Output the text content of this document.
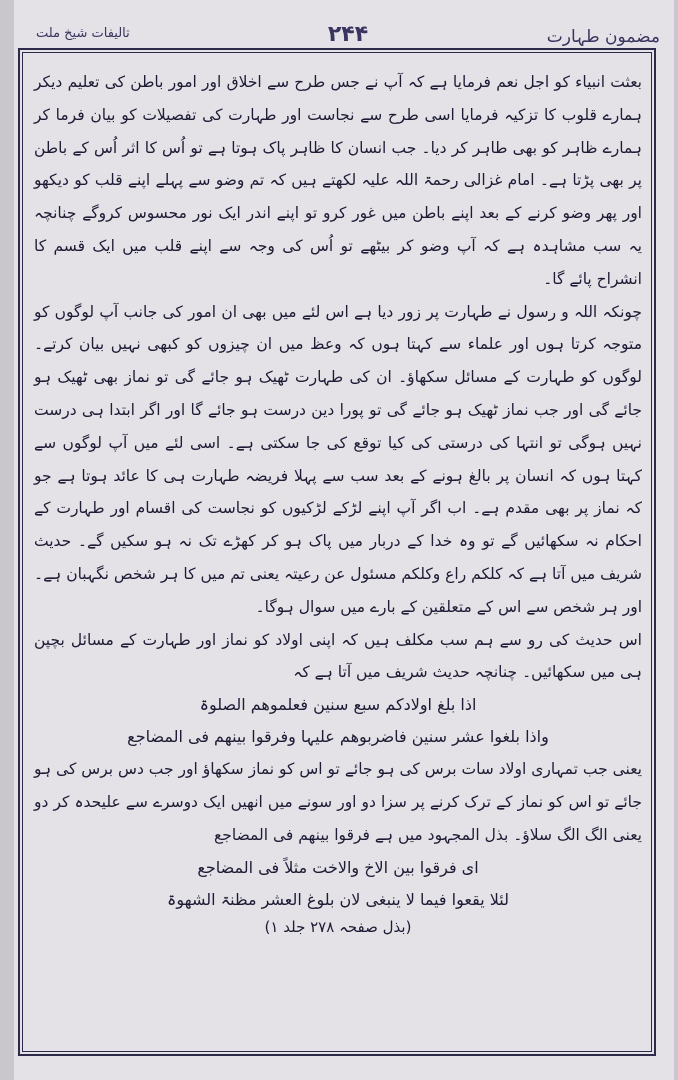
مضمون طہارت
۲۴۴
تالیفات شیخ ملت

بعثت انبیاء کو اجل نعم فرمایا ہے کہ آپ نے جس طرح سے اخلاق اور امور باطن کی تعلیم دیکر ہمارے قلوب کا تزکیہ فرمایا اسی طرح سے نجاست اور طہارت کی تفصیلات کو بیان فرما کر ہمارے ظاہر کو بھی طاہر کر دیا۔ جب انسان کا ظاہر پاک ہوتا ہے تو اُس کا اثر اُس کے باطن پر بھی پڑتا ہے۔ امام غزالی رحمۃ اللہ علیہ لکھتے ہیں کہ تم وضو سے پہلے اپنے قلب کو دیکھو اور پھر وضو کرنے کے بعد اپنے باطن میں غور کرو تو اپنے اندر ایک نور محسوس کروگے چنانچہ یہ سب مشاہدہ ہے کہ آپ وضو کر بیٹھے تو اُس کی وجہ سے اپنے قلب میں ایک قسم کا انشراح پائے گا۔

چونکہ اللہ و رسول نے طہارت پر زور دیا ہے اس لئے میں بھی ان امور کی جانب آپ لوگوں کو متوجہ کرتا ہوں اور علماء سے کہتا ہوں کہ وعظ میں ان چیزوں کو کبھی نہیں بیان کرتے۔ لوگوں کو طہارت کے مسائل سکھاؤ۔ ان کی طہارت ٹھیک ہو جائے گی تو نماز بھی ٹھیک ہو جائے گی اور جب نماز ٹھیک ہو جائے گی تو پورا دین درست ہو جائے گا اور اگر ابتدا ہی درست نہیں ہوگی تو انتہا کی درستی کی کیا توقع کی جا سکتی ہے۔ اسی لئے میں آپ لوگوں سے کہتا ہوں کہ انسان پر بالغ ہونے کے بعد سب سے پہلا فریضہ طہارت ہی کا عائد ہوتا ہے جو کہ نماز پر بھی مقدم ہے۔ اب اگر آپ اپنے لڑکے لڑکیوں کو نجاست کی اقسام اور طہارت کے احکام نہ سکھائیں گے تو وہ خدا کے دربار میں پاک ہو کر کھڑے تک نہ ہو سکیں گے۔ حدیث شریف میں آتا ہے کہ کلکم راع وکلکم مسئول عن رعیتہ یعنی تم میں کا ہر شخص نگہبان ہے۔ اور ہر شخص سے اس کے متعلقین کے بارے میں سوال ہوگا۔

اس حدیث کی رو سے ہم سب مکلف ہیں کہ اپنی اولاد کو نماز اور طہارت کے مسائل بچپن ہی میں سکھائیں۔ چنانچہ حدیث شریف میں آتا ہے کہ

اذا بلغ اولادکم سبع سنین فعلموھم الصلوۃ

واذا بلغوا عشر سنین فاضربوھم علیہا وفرقوا بینھم فی المضاجع

یعنی جب تمہاری اولاد سات برس کی ہو جائے تو اس کو نماز سکھاؤ اور جب دس برس کی ہو جائے تو اس کو نماز کے ترک کرنے پر سزا دو اور سونے میں انھیں ایک دوسرے سے علیحدہ کر دو یعنی الگ الگ سلاؤ۔ بذل المجہود میں ہے فرقوا بینھم فی المضاجع

ای فرقوا بین الاخ والاخت مثلاً فی المضاجع

لئلا یقعوا فیما لا ینبغی لان بلوغ العشر مظنۃ الشھوۃ

(بذل صفحہ ۲۷۸ جلد ۱)
